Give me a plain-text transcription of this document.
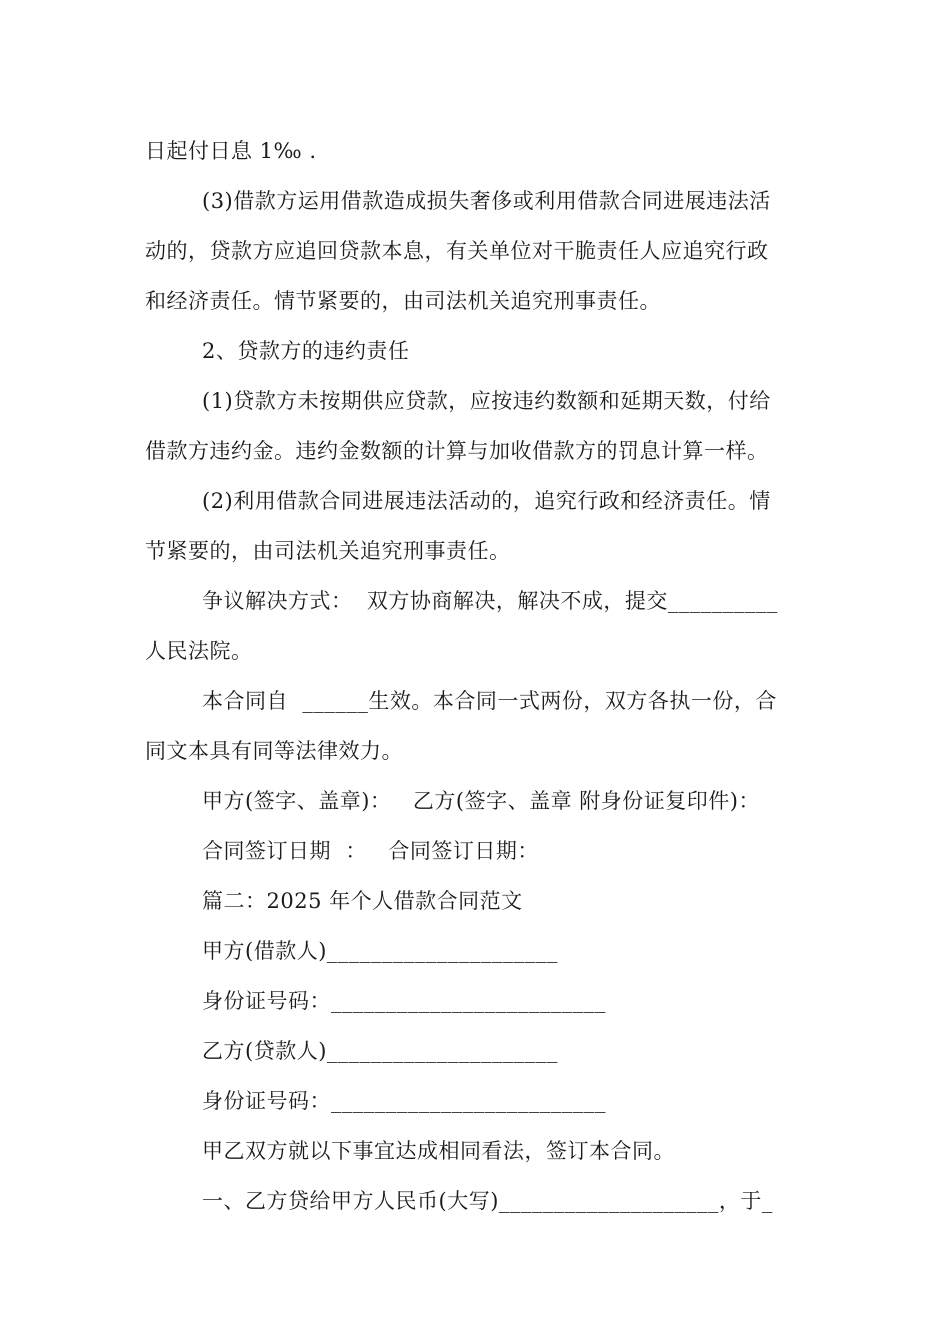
日起付日息 1‰ .
(3)借款方运用借款造成损失奢侈或利用借款合同进展违法活
动的，贷款方应追回贷款本息，有关单位对干脆责任人应追究行政
和经济责任。情节紧要的，由司法机关追究刑事责任。
2、贷款方的违约责任
(1)贷款方未按期供应贷款，应按违约数额和延期天数，付给
借款方违约金。违约金数额的计算与加收借款方的罚息计算一样。
(2)利用借款合同进展违法活动的，追究行政和经济责任。情
节紧要的，由司法机关追究刑事责任。
争议解决方式：  双方协商解决，解决不成，提交__________
人民法院。
本合同自  ______生效。本合同一式两份，双方各执一份，合
同文本具有同等法律效力。
甲方(签字、盖章)：   乙方(签字、盖章 附身份证复印件)：
合同签订日期  ：   合同签订日期：
篇二：2025 年个人借款合同范文
甲方(借款人)_____________________
身份证号码：_________________________
乙方(贷款人)_____________________
身份证号码：_________________________
甲乙双方就以下事宜达成相同看法，签订本合同。
一、乙方贷给甲方人民币(大写)____________________，于_
